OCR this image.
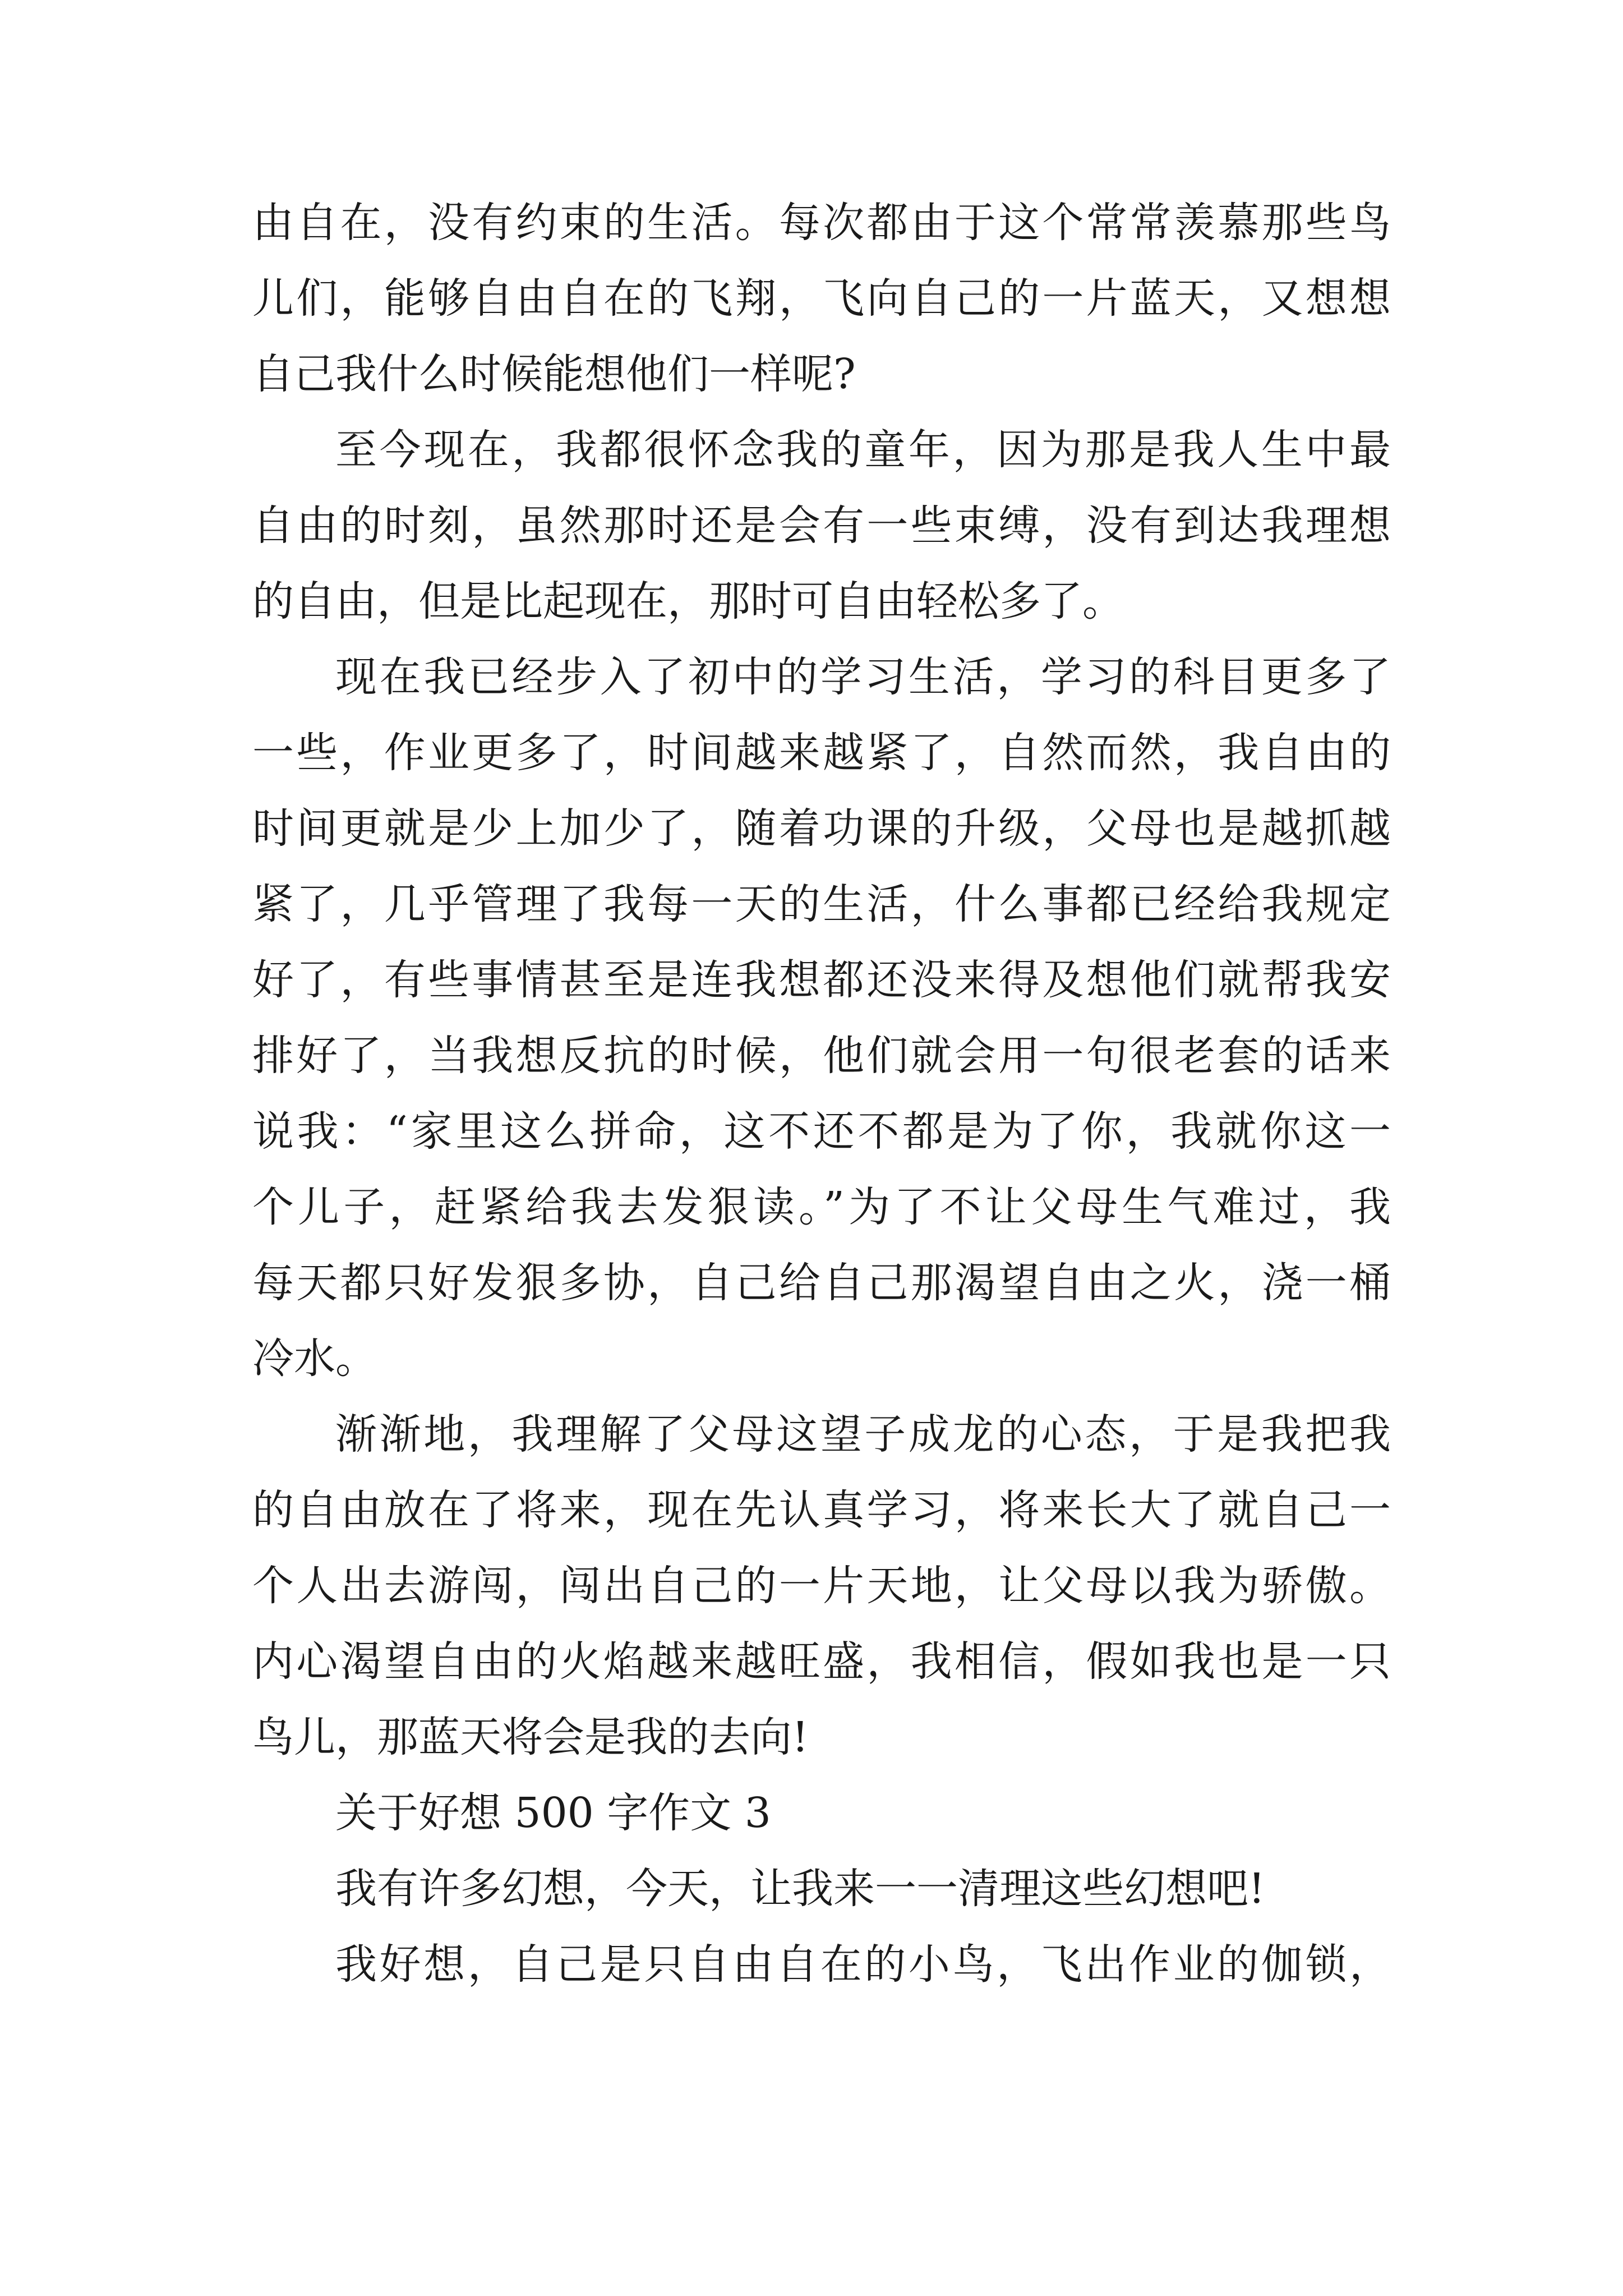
由自在，没有约束的生活。每次都由于这个常常羡慕那些鸟
儿们，能够自由自在的飞翔，飞向自己的一片蓝天，又想想
自己我什么时候能想他们一样呢?
至今现在，我都很怀念我的童年，因为那是我人生中最
自由的时刻，虽然那时还是会有一些束缚，没有到达我理想
的自由，但是比起现在，那时可自由轻松多了。
现在我已经步入了初中的学习生活，学习的科目更多了
一些，作业更多了，时间越来越紧了，自然而然，我自由的
时间更就是少上加少了，随着功课的升级，父母也是越抓越
紧了，几乎管理了我每一天的生活，什么事都已经给我规定
好了，有些事情甚至是连我想都还没来得及想他们就帮我安
排好了，当我想反抗的时候，他们就会用一句很老套的话来
说我：“家里这么拼命，这不还不都是为了你，我就你这一
个儿子，赶紧给我去发狠读。”为了不让父母生气难过，我
每天都只好发狠多协，自己给自己那渴望自由之火，浇一桶
冷水。
渐渐地，我理解了父母这望子成龙的心态，于是我把我
的自由放在了将来，现在先认真学习，将来长大了就自己一
个人出去游闯，闯出自己的一片天地，让父母以我为骄傲。
内心渴望自由的火焰越来越旺盛，我相信，假如我也是一只
鸟儿，那蓝天将会是我的去向!
关于好想 500 字作文 3
我有许多幻想，今天，让我来一一清理这些幻想吧!
我好想，自己是只自由自在的小鸟，飞出作业的伽锁，
